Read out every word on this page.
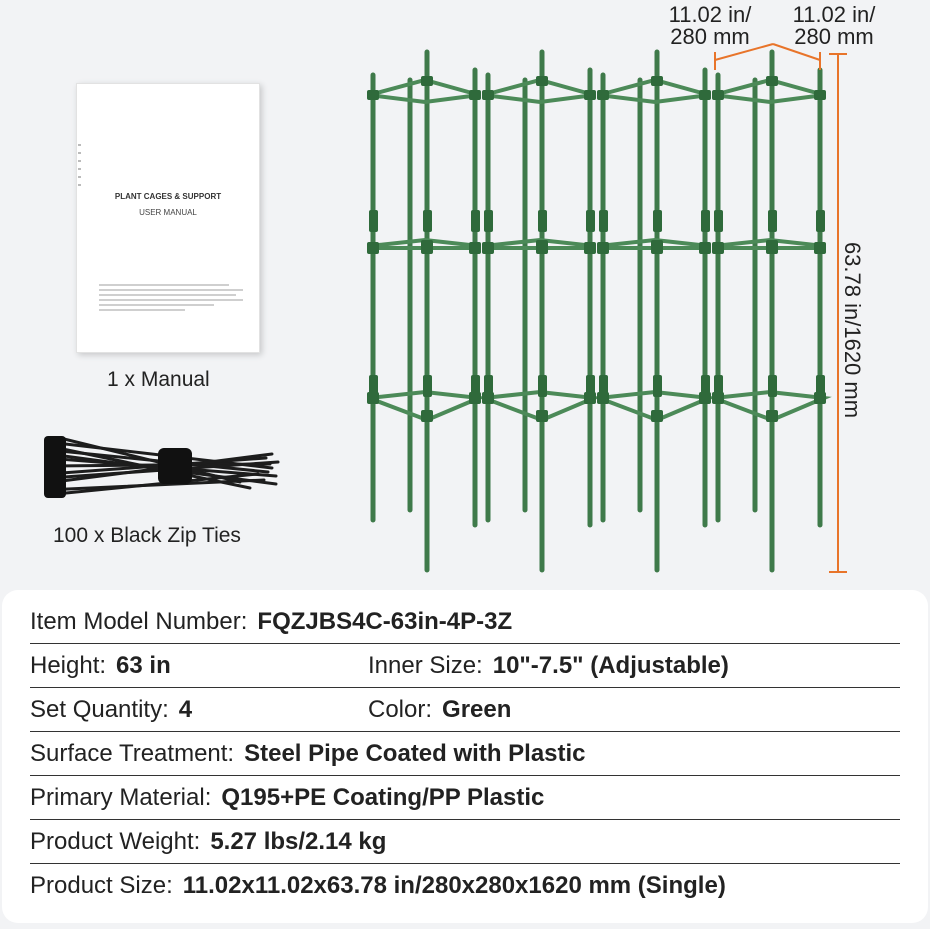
PLANT CAGES & SUPPORT
USER MANUAL
1 x Manual
100 x Black Zip Ties
11.02 in/
280 mm
11.02 in/
280 mm
63.78 in/1620 mm
Item Model Number: FQZJBS4C-63in-4P-3Z
Height: 63 in	Inner Size: 10"-7.5" (Adjustable)
Set Quantity: 4	Color: Green
Surface Treatment: Steel Pipe Coated with Plastic
Primary Material: Q195+PE Coating/PP Plastic
Product Weight: 5.27 lbs/2.14 kg
Product Size: 11.02x11.02x63.78 in/280x280x1620 mm (Single)
